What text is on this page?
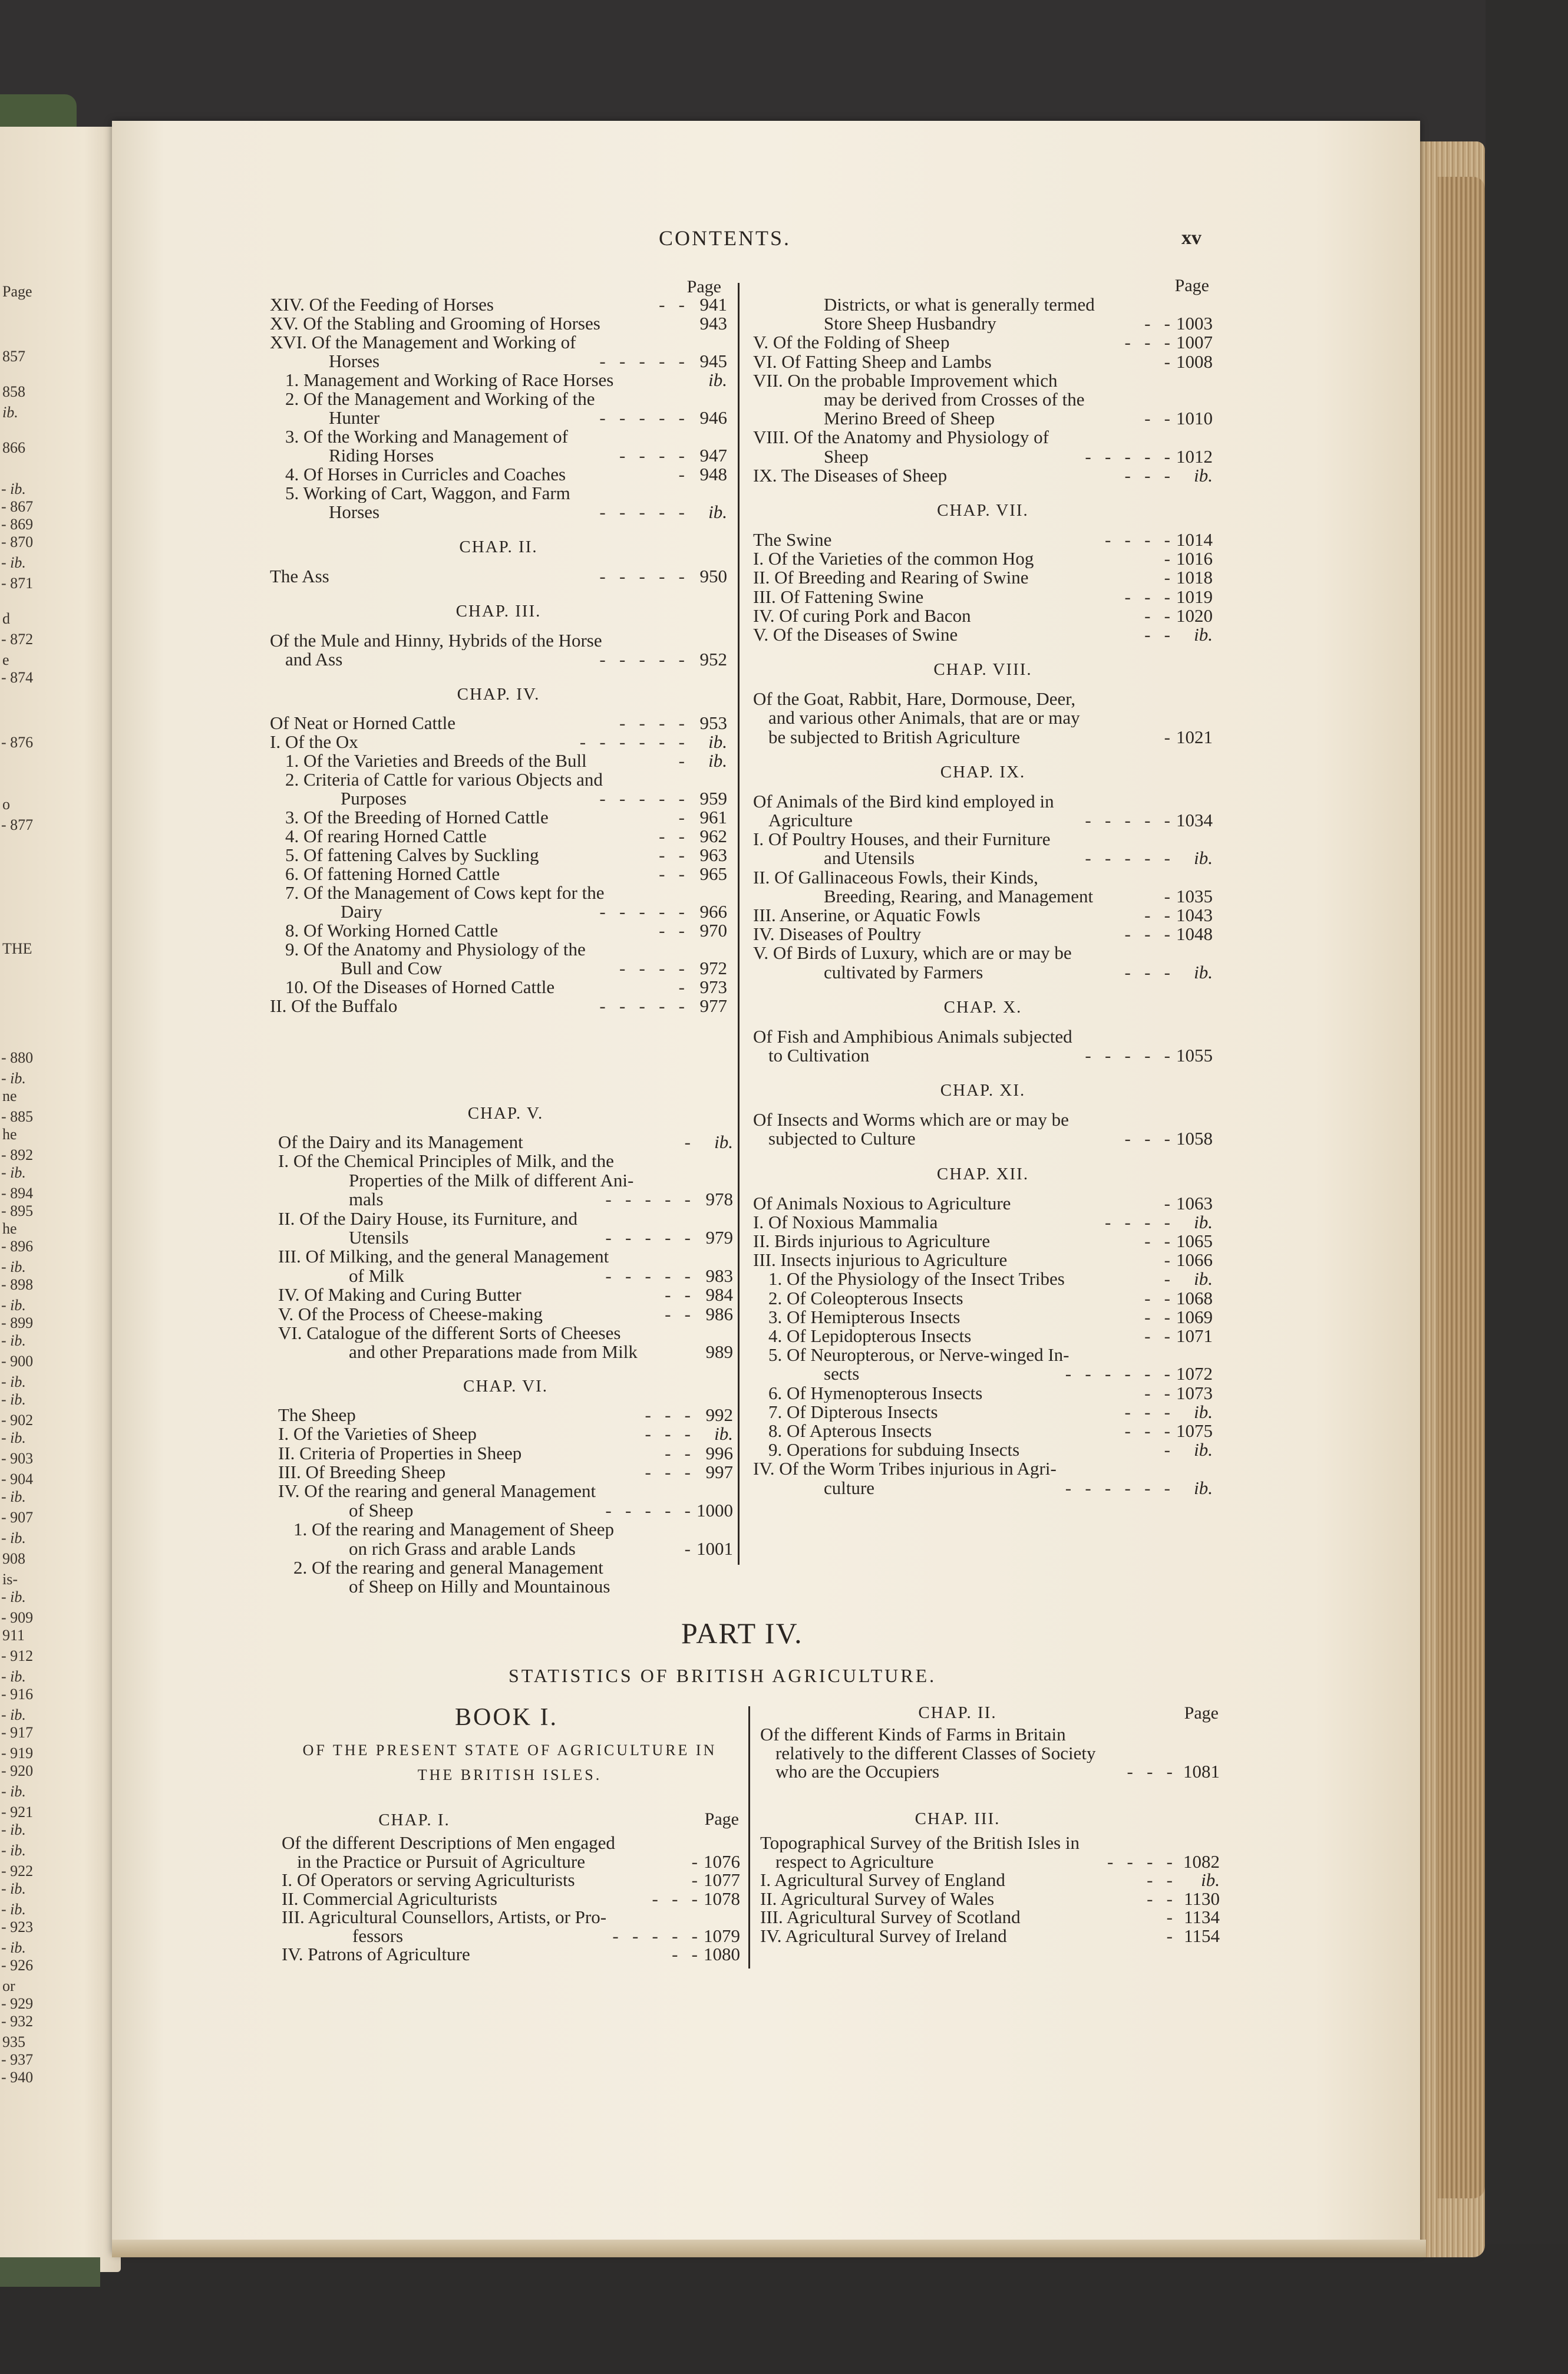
Page
857
858
ib.
866
- ib.
- 867
- 869
- 870
- ib.
- 871
d
- 872
e
- 874
- 876
o
- 877
THE
- 880
- ib.
ne
- 885
he
- 892
- ib.
- 894
- 895
he
- 896
- ib.
- 898
- ib.
- 899
- ib.
- 900
- ib.
- ib.
- 902
- ib.
- 903
- 904
- ib.
- 907
- ib.
908
is-
- ib.
- 909
911
- 912
- ib.
- 916
- ib.
- 917
- 919
- 920
- ib.
- 921
- ib.
- ib.
- 922
- ib.
- ib.
- 923
- ib.
- 926
or
- 929
- 932
935
- 937
- 940
CONTENTS.	xv
Page
XIV. Of the Feeding of Horses	-   - 941
XV. Of the Stabling and Grooming of Horses	943
XVI. Of the Management and Working of
Horses	-   -   -   -   - 945
1. Management and Working of Race Horses	ib.
2. Of the Management and Working of the
Hunter	-   -   -   -   - 946
3. Of the Working and Management of
Riding Horses	-   -   -   - 947
4. Of Horses in Curricles and Coaches	- 948
5. Working of Cart, Waggon, and Farm
Horses	-   -   -   -   - ib.
CHAP. II.
The Ass	-   -   -   -   - 950
CHAP. III.
Of the Mule and Hinny, Hybrids of the Horse
and Ass	-   -   -   -   - 952
CHAP. IV.
Of Neat or Horned Cattle	-   -   -   - 953
I. Of the Ox	-   -   -   -   -   - ib.
1. Of the Varieties and Breeds of the Bull	- ib.
2. Criteria of Cattle for various Objects and
Purposes	-   -   -   -   - 959
3. Of the Breeding of Horned Cattle	- 961
4. Of rearing Horned Cattle	-   - 962
5. Of fattening Calves by Suckling	-   - 963
6. Of fattening Horned Cattle	-   - 965
7. Of the Management of Cows kept for the
Dairy	-   -   -   -   - 966
8. Of Working Horned Cattle	-   - 970
9. Of the Anatomy and Physiology of the
Bull and Cow	-   -   -   - 972
10. Of the Diseases of Horned Cattle	- 973
II. Of the Buffalo	-   -   -   -   - 977
CHAP. V.
Of the Dairy and its Management	- ib.
I. Of the Chemical Principles of Milk, and the
Properties of the Milk of different Ani-
mals	-   -   -   -   - 978
II. Of the Dairy House, its Furniture, and
Utensils	-   -   -   -   - 979
III. Of Milking, and the general Management
of Milk	-   -   -   -   - 983
IV. Of Making and Curing Butter	-   - 984
V. Of the Process of Cheese-making	-   - 986
VI. Catalogue of the different Sorts of Cheeses
and other Preparations made from Milk	989
CHAP. VI.
The Sheep	-   -   - 992
I. Of the Varieties of Sheep	-   -   - ib.
II. Criteria of Properties in Sheep	-   - 996
III. Of Breeding Sheep	-   -   - 997
IV. Of the rearing and general Management
of Sheep	-   -   -   -   - 1000
1. Of the rearing and Management of Sheep
on rich Grass and arable Lands	- 1001
2. Of the rearing and general Management
of Sheep on Hilly and Mountainous
Page
Districts, or what is generally termed
Store Sheep Husbandry	-   - 1003
V. Of the Folding of Sheep	-   -   - 1007
VI. Of Fatting Sheep and Lambs	- 1008
VII. On the probable Improvement which
may be derived from Crosses of the
Merino Breed of Sheep	-   - 1010
VIII. Of the Anatomy and Physiology of
Sheep	-   -   -   -   - 1012
IX. The Diseases of Sheep	-   -   - ib.
CHAP. VII.
The Swine	-   -   -   - 1014
I. Of the Varieties of the common Hog	- 1016
II. Of Breeding and Rearing of Swine	- 1018
III. Of Fattening Swine	-   -   - 1019
IV. Of curing Pork and Bacon	-   - 1020
V. Of the Diseases of Swine	-   - ib.
CHAP. VIII.
Of the Goat, Rabbit, Hare, Dormouse, Deer,
and various other Animals, that are or may
be subjected to British Agriculture	- 1021
CHAP. IX.
Of Animals of the Bird kind employed in
Agriculture	-   -   -   -   - 1034
I. Of Poultry Houses, and their Furniture
and Utensils	-   -   -   -   - ib.
II. Of Gallinaceous Fowls, their Kinds,
Breeding, Rearing, and Management	- 1035
III. Anserine, or Aquatic Fowls	-   - 1043
IV. Diseases of Poultry	-   -   - 1048
V. Of Birds of Luxury, which are or may be
cultivated by Farmers	-   -   - ib.
CHAP. X.
Of Fish and Amphibious Animals subjected
to Cultivation	-   -   -   -   - 1055
CHAP. XI.
Of Insects and Worms which are or may be
subjected to Culture	-   -   - 1058
CHAP. XII.
Of Animals Noxious to Agriculture	- 1063
I. Of Noxious Mammalia	-   -   -   - ib.
II. Birds injurious to Agriculture	-   - 1065
III. Insects injurious to Agriculture	- 1066
1. Of the Physiology of the Insect Tribes	- ib.
2. Of Coleopterous Insects	-   - 1068
3. Of Hemipterous Insects	-   - 1069
4. Of Lepidopterous Insects	-   - 1071
5. Of Neuropterous, or Nerve-winged In-
sects	-   -   -   -   -   - 1072
6. Of Hymenopterous Insects	-   - 1073
7. Of Dipterous Insects	-   -   - ib.
8. Of Apterous Insects	-   -   - 1075
9. Operations for subduing Insects	- ib.
IV. Of the Worm Tribes injurious in Agri-
culture	-   -   -   -   -   - ib.
PART IV.
STATISTICS OF BRITISH AGRICULTURE.
BOOK I.
OF THE PRESENT STATE OF AGRICULTURE IN
THE BRITISH ISLES.
CHAP. I.	Page
Of the different Descriptions of Men engaged
in the Practice or Pursuit of Agriculture	- 1076
I. Of Operators or serving Agriculturists	- 1077
II. Commercial Agriculturists	-   -   - 1078
III. Agricultural Counsellors, Artists, or Pro-
fessors	-   -   -   -   - 1079
IV. Patrons of Agriculture	-   - 1080
CHAP. II.	Page
CHAP. III.
Of the different Kinds of Farms in Britain
relatively to the different Classes of Society
who are the Occupiers	-   -   - 1081
Topographical Survey of the British Isles in
respect to Agriculture	-   -   -   - 1082
I. Agricultural Survey of England	-   - ib.
II. Agricultural Survey of Wales	-   - 1130
III. Agricultural Survey of Scotland	- 1134
IV. Agricultural Survey of Ireland	- 1154
